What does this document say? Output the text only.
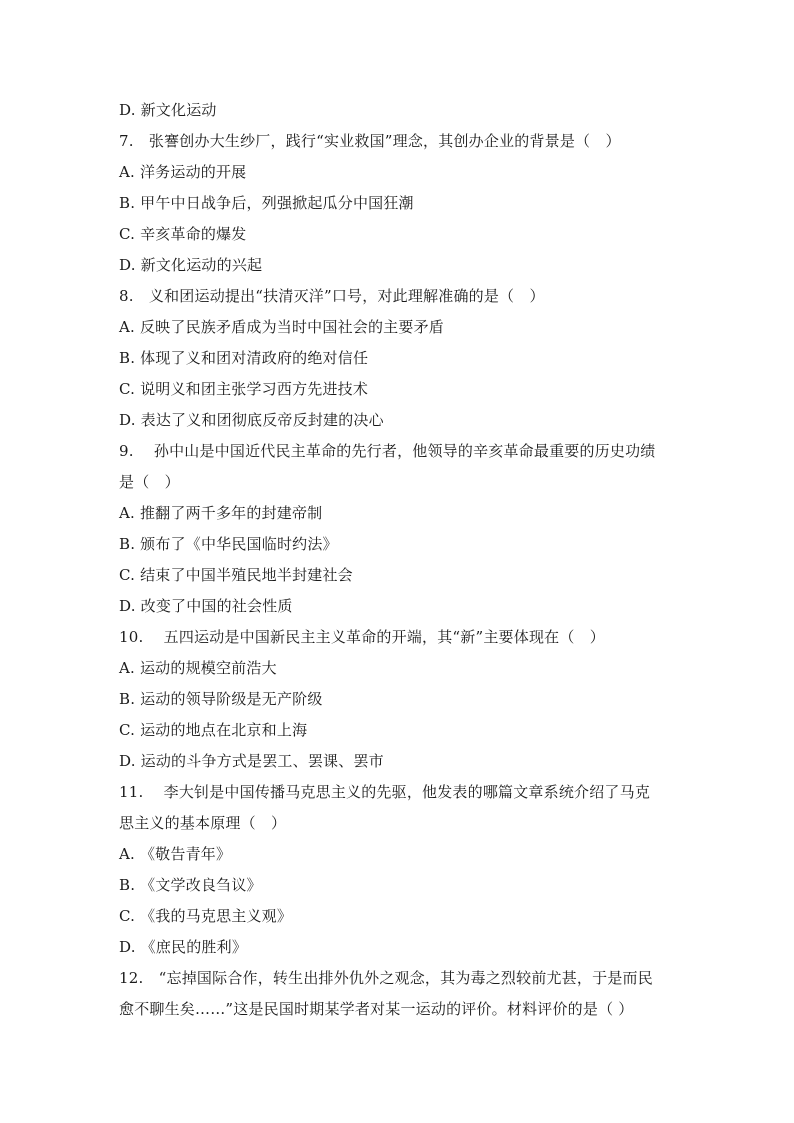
D. 新文化运动
7.　张謇创办大生纱厂，践行“实业救国”理念，其创办企业的背景是（　）
A. 洋务运动的开展
B. 甲午中日战争后，列强掀起瓜分中国狂潮
C. 辛亥革命的爆发
D. 新文化运动的兴起
8.　义和团运动提出“扶清灭洋”口号，对此理解准确的是（　）
A. 反映了民族矛盾成为当时中国社会的主要矛盾
B. 体现了义和团对清政府的绝对信任
C. 说明义和团主张学习西方先进技术
D. 表达了义和团彻底反帝反封建的决心
9.　 孙中山是中国近代民主革命的先行者，他领导的辛亥革命最重要的历史功绩
是（　）
A. 推翻了两千多年的封建帝制
B. 颁布了《中华民国临时约法》
C. 结束了中国半殖民地半封建社会
D. 改变了中国的社会性质
10.　 五四运动是中国新民主主义革命的开端，其“新”主要体现在（　）
A. 运动的规模空前浩大
B. 运动的领导阶级是无产阶级
C. 运动的地点在北京和上海
D. 运动的斗争方式是罢工、罢课、罢市
11.　 李大钊是中国传播马克思主义的先驱，他发表的哪篇文章系统介绍了马克
思主义的基本原理（　）
A. 《敬告青年》
B. 《文学改良刍议》
C. 《我的马克思主义观》
D. 《庶民的胜利》
12.　“忘掉国际合作，转生出排外仇外之观念，其为毒之烈较前尤甚，于是而民
愈不聊生矣……”这是民国时期某学者对某一运动的评价。材料评价的是（ ）
